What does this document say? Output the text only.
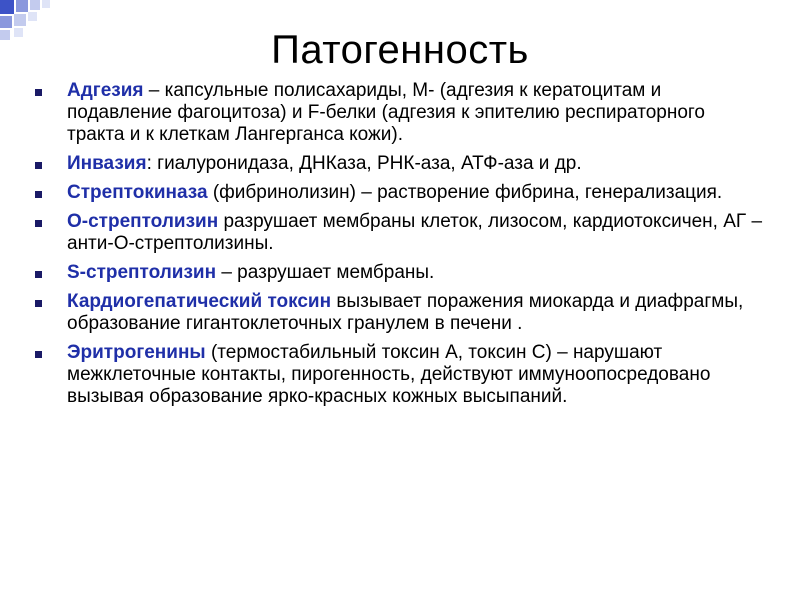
Патогенность
Адгезия – капсульные полисахариды, М- (адгезия к кератоцитам и подавление фагоцитоза) и F-белки (адгезия к эпителию респираторного тракта и к клеткам Лангерганса кожи).
Инвазия: гиалуронидаза, ДНКаза, РНК-аза, АТФ-аза и др.
Стрептокиназа (фибринолизин) – растворение фибрина, генерализация.
О-стрептолизин разрушает мембраны клеток, лизосом, кардиотоксичен, АГ – анти-О-стрептолизины.
S-стрептолизин – разрушает мембраны.
Кардиогепатический токсин вызывает поражения миокарда и диафрагмы, образование гигантоклеточных гранулем в печени .
Эритрогенины (термостабильный токсин А, токсин С) – нарушают межклеточные контакты, пирогенность, действуют иммуноопосредовано вызывая образование ярко-красных кожных высыпаний.
